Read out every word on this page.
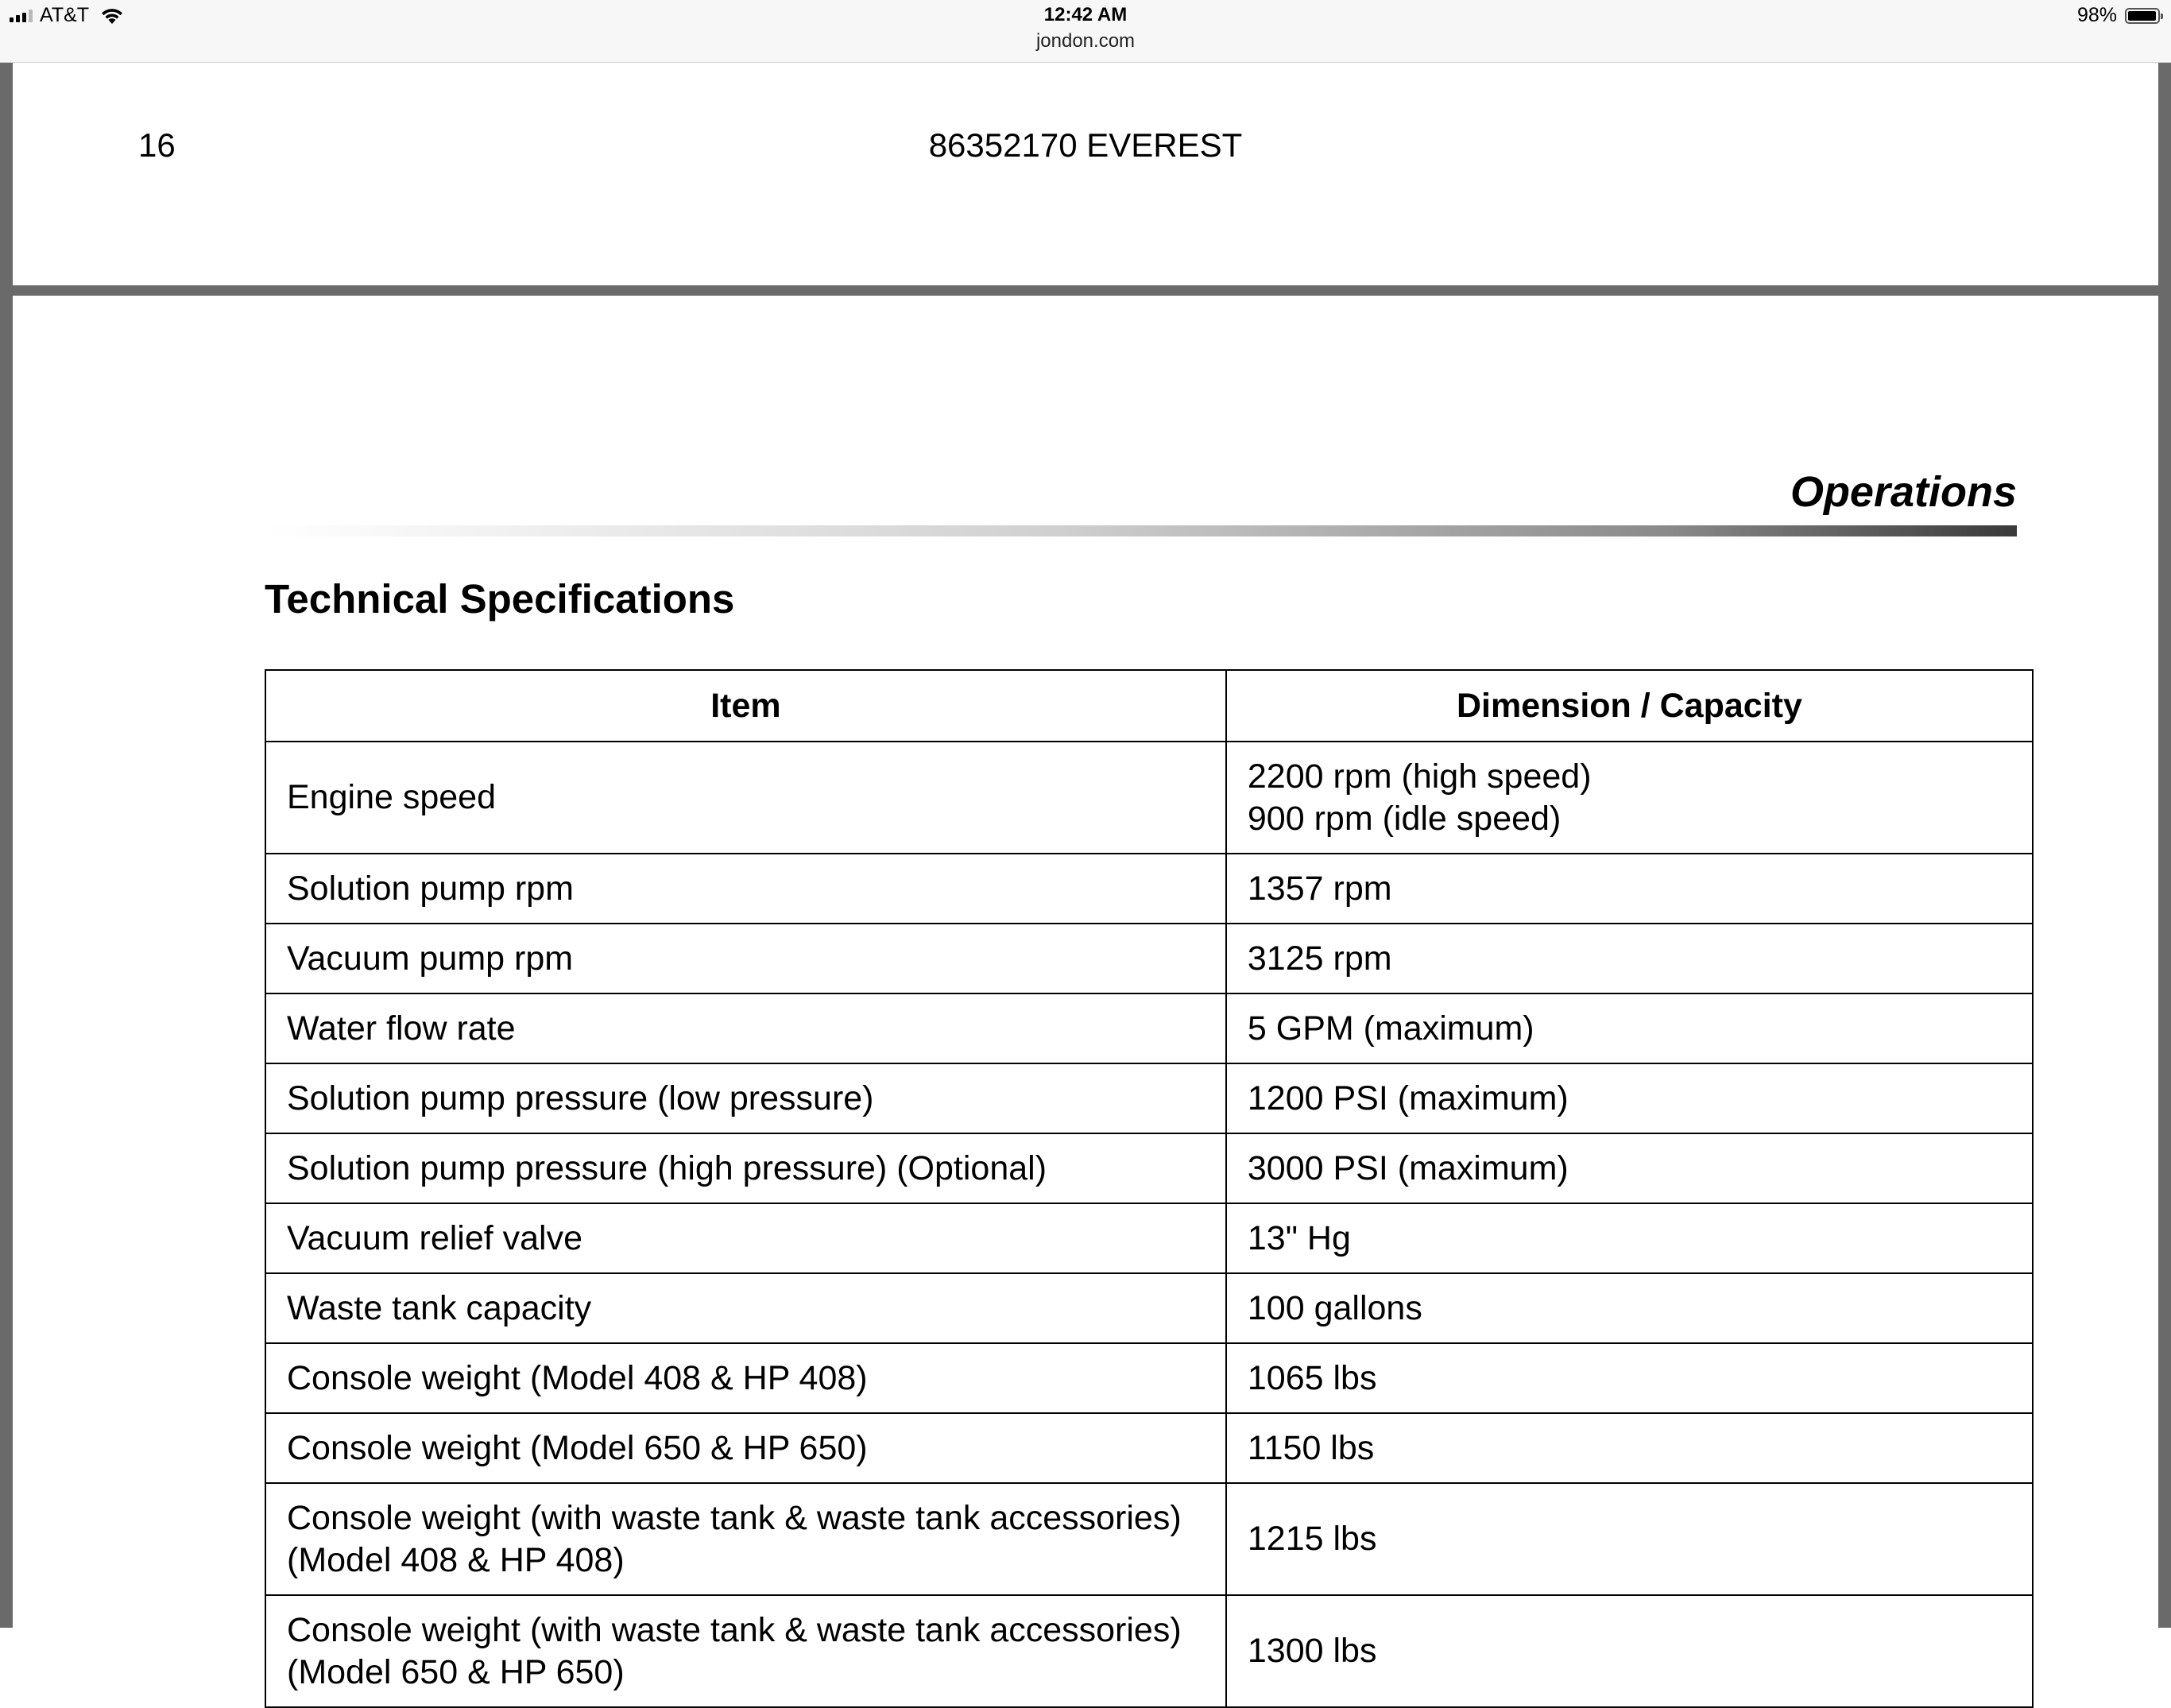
AT&T	12:42 AM
jondon.com
98%
16	86352170 EVEREST
Operations
Technical Specifications
Item	Dimension / Capacity

Engine speed	2200 rpm (high speed)
900 rpm (idle speed)

Solution pump rpm	1357 rpm

Vacuum pump rpm	3125 rpm

Water flow rate	5 GPM (maximum)

Solution pump pressure (low pressure)	1200 PSI (maximum)

Solution pump pressure (high pressure) (Optional)	3000 PSI (maximum)

Vacuum relief valve	13" Hg

Waste tank capacity	100 gallons

Console weight (Model 408 & HP 408)	1065 lbs

Console weight (Model 650 & HP 650)	1150 lbs

Console weight (with waste tank & waste tank accessories)
(Model 408 & HP 408)	1215 lbs

Console weight (with waste tank & waste tank accessories)
(Model 650 & HP 650)	1300 lbs
